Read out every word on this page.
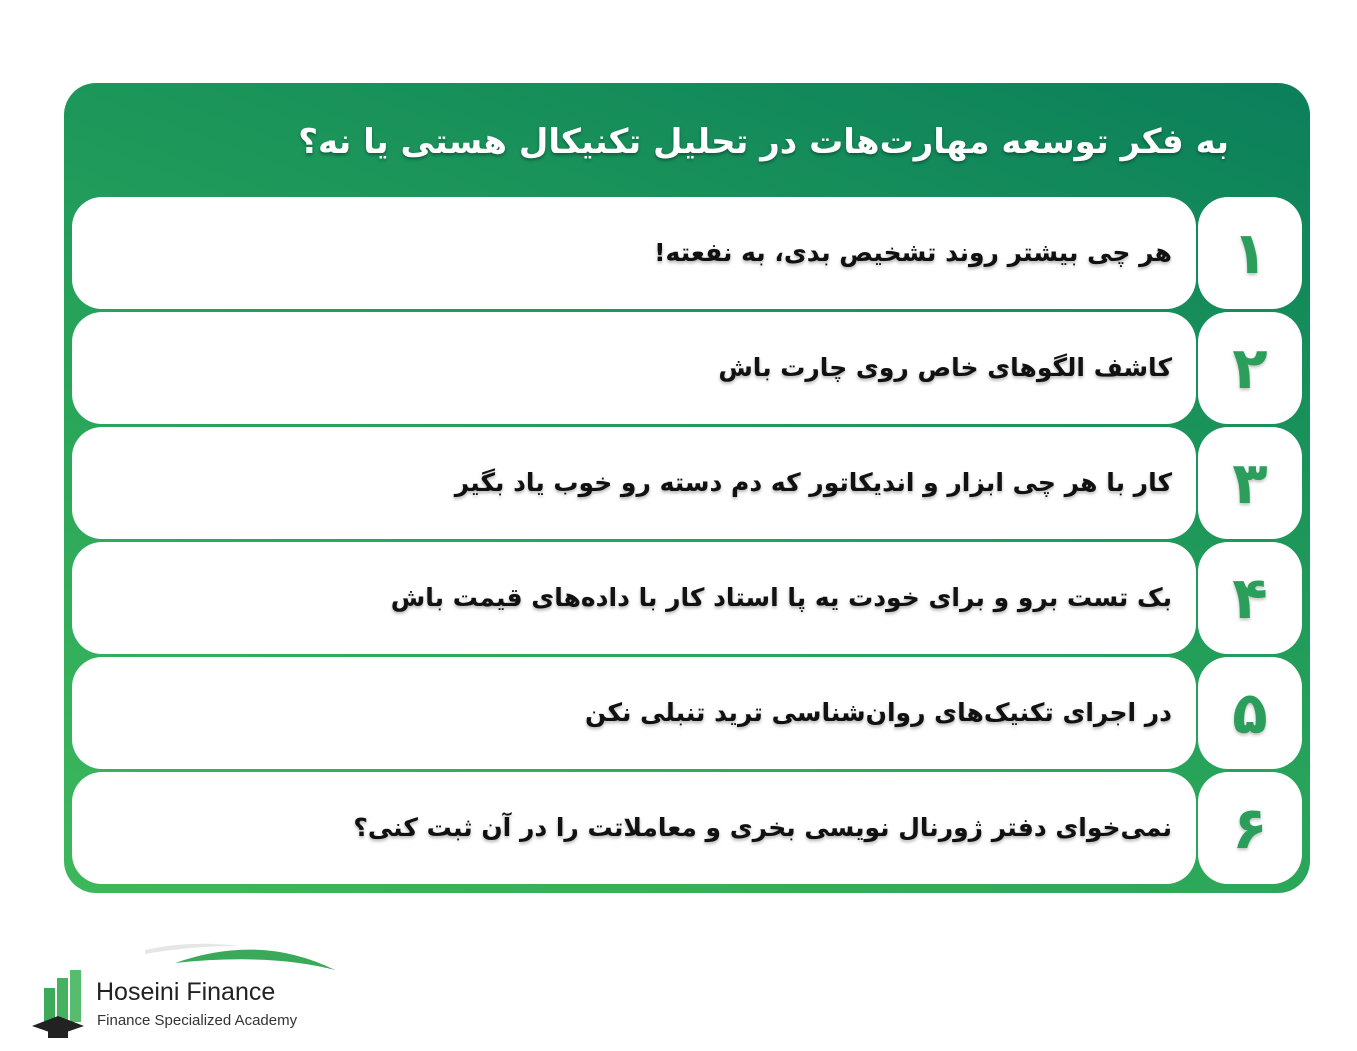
به فکر توسعه مهارت‌هات در تحلیل تکنیکال هستی یا نه؟
هر چی بیشتر روند تشخیص بدی، به نفعته!	۱
کاشف الگوهای خاص روی چارت باش	۲
کار با هر چی ابزار و اندیکاتور که دم دسته رو خوب یاد بگیر	۳
بک تست برو و برای خودت یه پا استاد کار با داده‌های قیمت باش	۴
در اجرای تکنیک‌های روان‌شناسی ترید تنبلی نکن	۵
نمی‌خوای دفتر ژورنال نویسی بخری و معاملاتت را در آن ثبت کنی؟	۶
Hoseini Finance
Finance Specialized Academy
